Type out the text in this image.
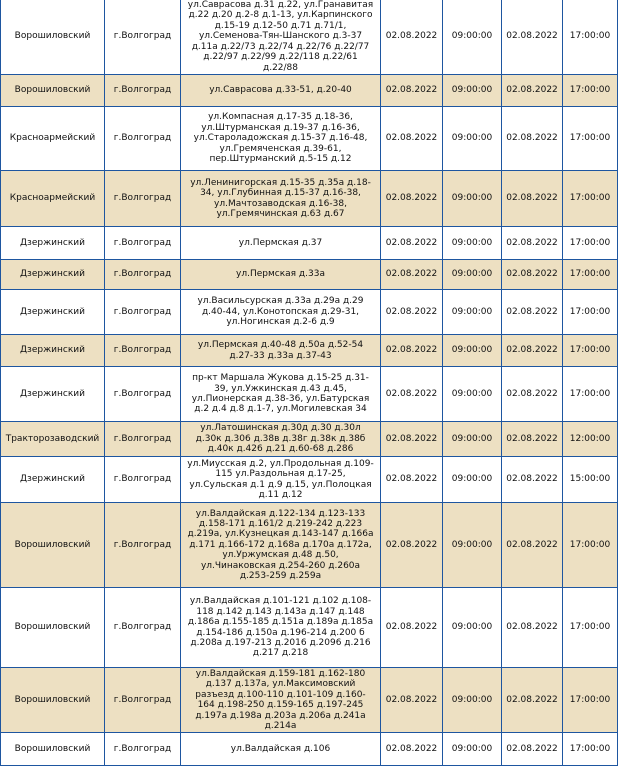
Ворошиловский	г.Волгоград	ул.Саврасова д.31 д.22, ул.Гранавитая д.22 д.20 д.2-8 д.1-13, ул.Карпинского д.15-19 д.12-50 д.71 д.71/1, ул.Семенова-Тян-Шанского д.3-37 д.11а д.22/73 д.22/74 д.22/76 д.22/77 д.22/97 д.22/99 д.22/118 д.22/61 д.22/88	02.08.2022	09:00:00	02.08.2022	17:00:00
Ворошиловский	г.Волгоград	ул.Саврасова д.33-51, д.20-40	02.08.2022	09:00:00	02.08.2022	17:00:00
Красноармейский	г.Волгоград	ул.Компасная д.17-35 д.18-36, ул.Штурманская д.19-37 д.16-36, ул.Староладожская д.15-37 д.16-48, ул.Гремяченская д.39-61, пер.Штурманский д.5-15 д.12	02.08.2022	09:00:00	02.08.2022	17:00:00
Красноармейский	г.Волгоград	ул.Ленинигорская д.15-35 д.35а д.18-34, ул.Глубинная д.15-37 д.16-38, ул.Мачтозаводская д.16-38, ул.Гремячинская д.63 д.67	02.08.2022	09:00:00	02.08.2022	17:00:00
Дзержинский	г.Волгоград	ул.Пермская д.37	02.08.2022	09:00:00	02.08.2022	17:00:00
Дзержинский	г.Волгоград	ул.Пермская д.33а	02.08.2022	09:00:00	02.08.2022	17:00:00
Дзержинский	г.Волгоград	ул.Васильсурская д.33а д.29а д.29 д.40-44, ул.Конотопская д.29-31, ул.Ногинская д.2-6 д.9	02.08.2022	09:00:00	02.08.2022	17:00:00
Дзержинский	г.Волгоград	ул.Пермская д.40-48 д.50а д.52-54 д.27-33 д.33а д.37-43	02.08.2022	09:00:00	02.08.2022	17:00:00
Дзержинский	г.Волгоград	пр-кт Маршала Жукова д.15-25 д.31-39, ул.Ужкинская д.43 д.45, ул.Пионерская д.38-36, ул.Батурская д.2 д.4 д.8 д.1-7, ул.Могилевская 34	02.08.2022	09:00:00	02.08.2022	17:00:00
Тракторозаводский	г.Волгоград	ул.Латошинская д.30д д.30 д.30л д.30к д.306 д.38в д.38г д.38к д.38б д.40к д.426 д.21 д.60-68 д.286	02.08.2022	09:00:00	02.08.2022	12:00:00
Дзержинский	г.Волгоград	ул.Миусская д.2, ул.Продольная д.109-115 ул.Раздольная д.17-25, ул.Сульская д.1 д.9 д.15, ул.Полоцкая д.11 д.12	02.08.2022	09:00:00	02.08.2022	15:00:00
Ворошиловский	г.Волгоград	ул.Валдайская д.122-134 д.123-133 д.158-171 д.161/2 д.219-242 д.223 д.219а, ул.Кузнецкая д.143-147 д.166а д.171 д.166-172 д.168а д.170а д.172а, ул.Уржумская д.48 д.50, ул.Чинаковская д.254-260 д.260а д.253-259 д.259а	02.08.2022	09:00:00	02.08.2022	17:00:00
Ворошиловский	г.Волгоград	ул.Валдайская д.101-121 д.102 д.108-118 д.142 д.143 д.143а д.147 д.148 д.186а д.155-185 д.151а д.189а д.185а д.154-186 д.150а д.196-214 д.200 б д.208а д.197-213 д.2016 д.2096 д.216 д.217 д.218	02.08.2022	09:00:00	02.08.2022	17:00:00
Ворошиловский	г.Волгоград	ул.Валдайская д.159-181 д.162-180 д.137 д.137а, ул.Максимовский разъезд д.100-110 д.101-109 д.160-164 д.198-250 д.159-165 д.197-245 д.197а д.198а д.203а д.206а д.241а д.214а	02.08.2022	09:00:00	02.08.2022	17:00:00
Ворошиловский	г.Волгоград	ул.Валдайская д.106	02.08.2022	09:00:00	02.08.2022	17:00:00
